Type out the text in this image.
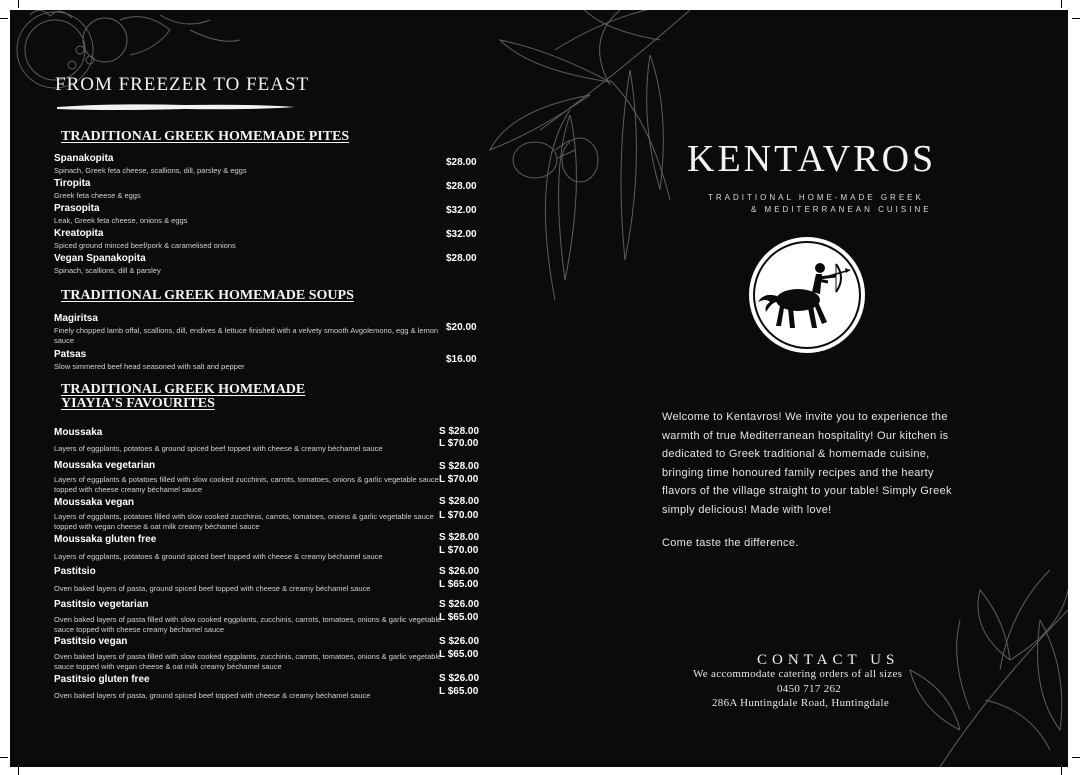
FROM FREEZER TO FEAST
TRADITIONAL GREEK HOMEMADE PITES
Spanakopita
Spinach, Greek feta cheese, scallions, dill, parsley & eggs
$28.00
Tiropita
Greek feta cheese & eggs
$28.00
Prasopita
Leak, Greek feta cheese, onions & eggs
$32.00
Kreatopita
Spiced ground minced beef/pork & caramelised onions
$32.00
Vegan Spanakopita
Spinach, scallions, dill & parsley
$28.00
TRADITIONAL GREEK HOMEMADE SOUPS
Magiritsa
Finely chopped lamb offal, scallions, dill, endives & lettuce finished with a velvety smooth Avgolemono, egg & lemon sauce
$20.00
Patsas
Slow simmered beef head seasoned with salt and pepper
$16.00
TRADITIONAL GREEK HOMEMADE
YIAYIA'S FAVOURITES
Moussaka
Layers of eggplants, potatoes & ground spiced beef topped with cheese & creamy béchamel sauce
S $28.00
L $70.00
Moussaka vegetarian
Layers of eggplants & potatoes filled with slow cooked zucchinis, carrots, tomatoes, onions & garlic vegetable sauce topped with cheese creamy béchamel sauce
S $28.00
L $70.00
Moussaka vegan
Layers of eggplants, potatoes filled with slow cooked zucchinis, carrots, tomatoes, onions & garlic vegetable sauce topped with vegan cheese & oat milk creamy béchamel sauce
S $28.00
L $70.00
Moussaka gluten free
Layers of eggplants, potatoes & ground spiced beef topped with cheese & creamy béchamel sauce
S $28.00
L $70.00
Pastitsio
Oven baked layers of pasta, ground spiced beef topped with cheese & creamy béchamel sauce
S $26.00
L $65.00
Pastitsio vegetarian
Oven baked layers of pasta filled with slow cooked eggplants, zucchinis, carrots, tomatoes, onions & garlic vegetable sauce topped with cheese creamy béchamel sauce
S $26.00
L $65.00
Pastitsio vegan
Oven baked layers of pasta filled with slow cooked eggplants, zucchinis, carrots, tomatoes, onions & garlic vegetable sauce topped with vegan cheese & oat milk creamy béchamel sauce
S $26.00
L $65.00
Pastitsio gluten free
Oven baked layers of pasta, ground spiced beef topped with cheese & creamy béchamel sauce
S $26.00
L $65.00
KENTAVROS
TRADITIONAL HOME-MADE GREEK
& MEDITERRANEAN CUISINE
Welcome to Kentavros! We invite you to experience the warmth of true Mediterranean hospitality! Our kitchen is dedicated to Greek traditional & homemade cuisine, bringing time honoured family recipes and the hearty flavors of the village straight to your table! Simply Greek simply delicious! Made with love!
Come taste the difference.
CONTACT US
We accommodate catering orders of all sizes
0450 717 262
286A Huntingdale Road, Huntingdale
